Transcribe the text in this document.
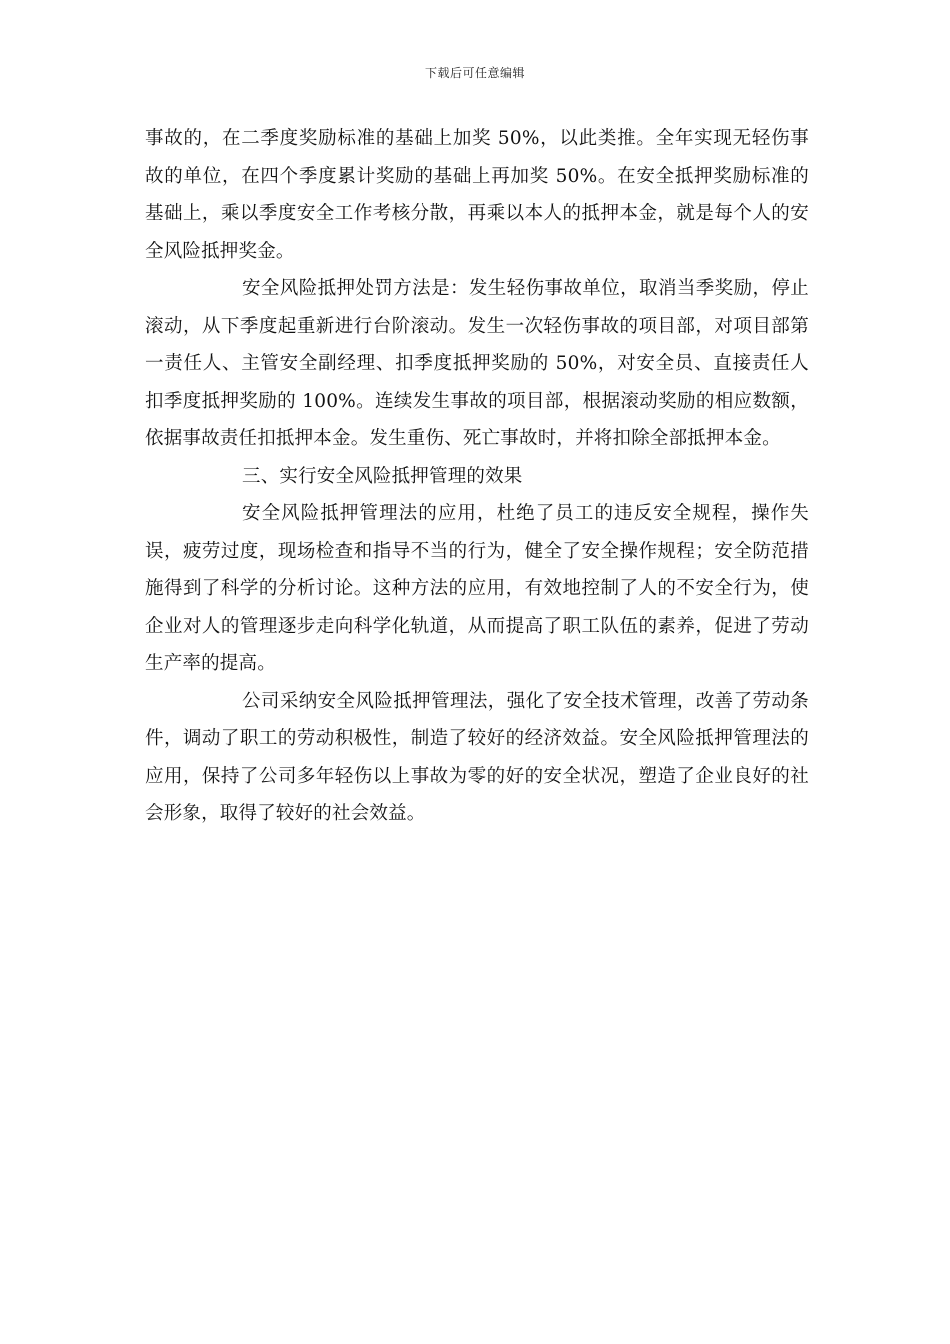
下载后可任意编辑

事故的，在二季度奖励标准的基础上加奖 50%，以此类推。全年实现无轻伤事故的单位，在四个季度累计奖励的基础上再加奖 50%。在安全抵押奖励标准的基础上，乘以季度安全工作考核分散，再乘以本人的抵押本金，就是每个人的安全风险抵押奖金。

安全风险抵押处罚方法是：发生轻伤事故单位，取消当季奖励，停止滚动，从下季度起重新进行台阶滚动。发生一次轻伤事故的项目部，对项目部第一责任人、主管安全副经理、扣季度抵押奖励的 50%，对安全员、直接责任人扣季度抵押奖励的 100%。连续发生事故的项目部，根据滚动奖励的相应数额，依据事故责任扣抵押本金。发生重伤、死亡事故时，并将扣除全部抵押本金。

三、实行安全风险抵押管理的效果

安全风险抵押管理法的应用，杜绝了员工的违反安全规程，操作失误，疲劳过度，现场检查和指导不当的行为，健全了安全操作规程；安全防范措施得到了科学的分析讨论。这种方法的应用，有效地控制了人的不安全行为，使企业对人的管理逐步走向科学化轨道，从而提高了职工队伍的素养，促进了劳动生产率的提高。

公司采纳安全风险抵押管理法，强化了安全技术管理，改善了劳动条件，调动了职工的劳动积极性，制造了较好的经济效益。安全风险抵押管理法的应用，保持了公司多年轻伤以上事故为零的好的安全状况，塑造了企业良好的社会形象，取得了较好的社会效益。
